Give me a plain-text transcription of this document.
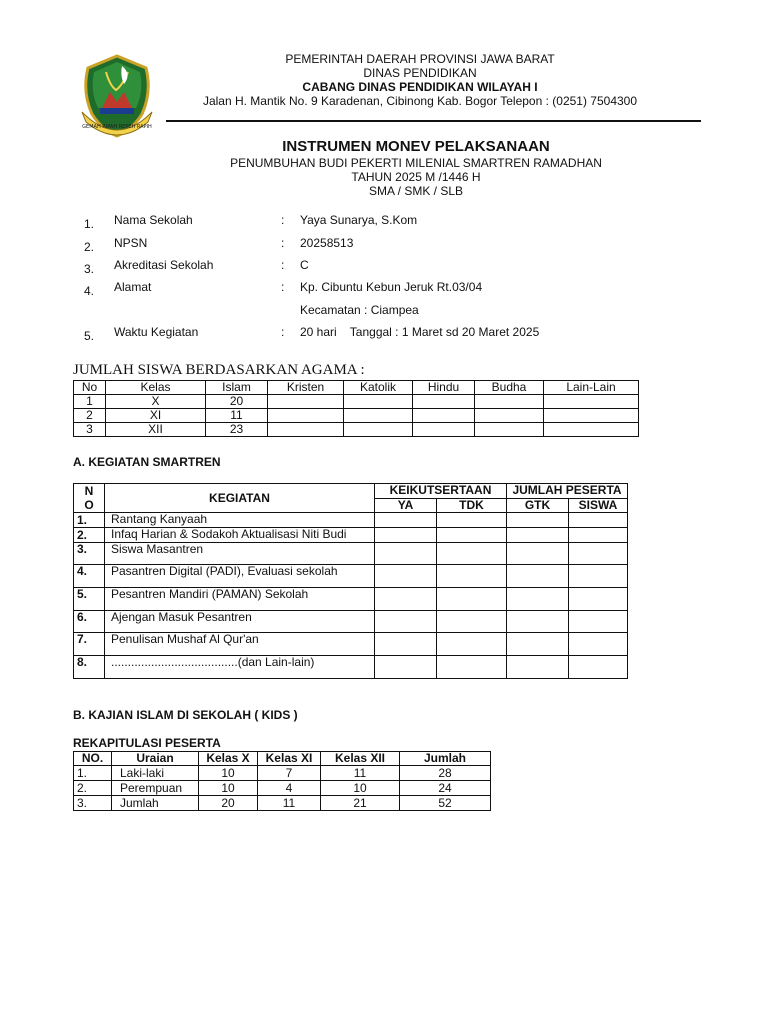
GEMAH RIPAH REPEH RAPIH
PEMERINTAH DAERAH PROVINSI JAWA BARAT
DINAS PENDIDIKAN
CABANG DINAS PENDIDIKAN WILAYAH I
Jalan H. Mantik No. 9 Karadenan, Cibinong Kab. Bogor Telepon : (0251) 7504300
INSTRUMEN MONEV PELAKSANAAN
PENUMBUHAN BUDI PEKERTI MILENIAL SMARTREN RAMADHAN
TAHUN 2025 M /1446 H
SMA / SMK / SLB
1.	Nama Sekolah	: Yaya Sunarya, S.Kom
2.	NPSN	: 20258513
3.	Akreditasi Sekolah	: C
4.	Alamat	: Kp. Cibuntu Kebun Jeruk Rt.03/04
Kecamatan : Ciampea
5.	Waktu Kegiatan	: 20 hari    Tanggal : 1 Maret sd 20 Maret 2025
JUMLAH SISWA BERDASARKAN AGAMA :
No	Kelas	Islam	Kristen	Katolik	Hindu	Budha	Lain-Lain
1	X	20					
2	XI	11					
3	XII	23					
A. KEGIATAN SMARTREN
N
O	KEGIATAN	KEIKUTSERTAAN		JUMLAH PESERTA	
		YA	TDK	GTK	SISWA
1.	Rantang Kanyaah				
2.	Infaq Harian & Sodakoh Aktualisasi Niti Budi				
3.	Siswa Masantren				
4.	Pasantren Digital (PADI), Evaluasi sekolah				
5.	Pesantren Mandiri (PAMAN) Sekolah				
6.	Ajengan Masuk Pesantren				
7.	Penulisan Mushaf Al Qur'an				
8.	......................................(dan Lain-lain)				
B. KAJIAN ISLAM DI SEKOLAH ( KIDS )
REKAPITULASI PESERTA
NO.	Uraian	Kelas X	Kelas XI	Kelas XII	Jumlah
1.	Laki-laki	10	7	11	28
2.	Perempuan	10	4	10	24
3.	Jumlah	20	11	21	52
